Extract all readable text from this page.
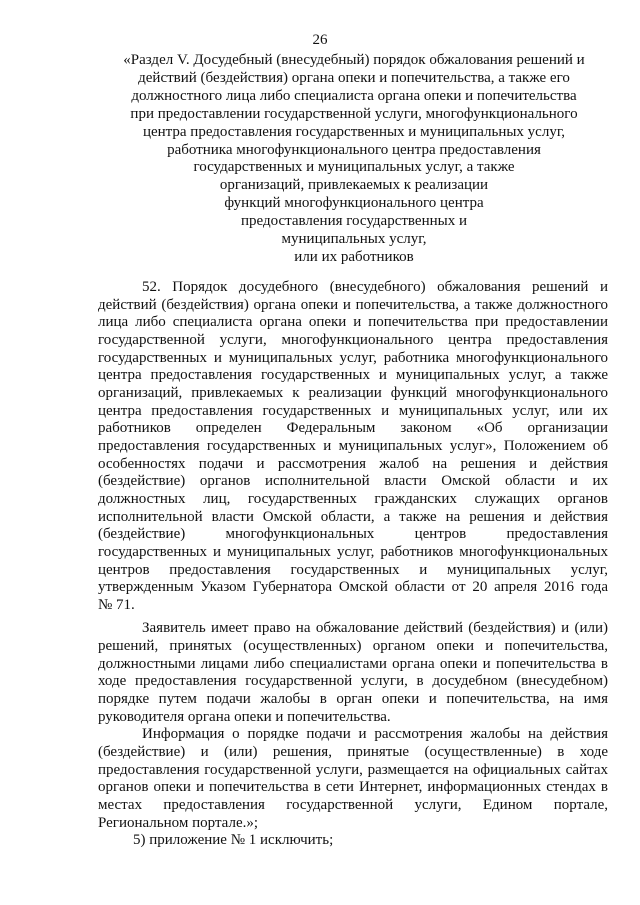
26
«Раздел V. Досудебный (внесудебный) порядок обжалования решений и
действий (бездействия) органа опеки и попечительства, а также его
должностного лица либо специалиста органа опеки и попечительства
при предоставлении государственной услуги, многофункционального
центра предоставления государственных и муниципальных услуг,
работника многофункционального центра предоставления
государственных и муниципальных услуг, а также
организаций, привлекаемых к реализации
функций многофункционального центра
предоставления государственных и
муниципальных услуг,
или их работников
52. Порядок досудебного (внесудебного) обжалования решений и
действий (бездействия) органа опеки и попечительства, а также должностного
лица либо специалиста органа опеки и попечительства при предоставлении
государственной услуги, многофункционального центра предоставления
государственных и муниципальных услуг, работника многофункционального
центра предоставления государственных и муниципальных услуг, а также
организаций, привлекаемых к реализации функций многофункционального
центра предоставления государственных и муниципальных услуг, или их
работников определен Федеральным законом «Об организации
предоставления государственных и муниципальных услуг», Положением об
особенностях подачи и рассмотрения жалоб на решения и действия
(бездействие) органов исполнительной власти Омской области и их
должностных лиц, государственных гражданских служащих органов
исполнительной власти Омской области, а также на решения и действия
(бездействие) многофункциональных центров предоставления
государственных и муниципальных услуг, работников многофункциональных
центров предоставления государственных и муниципальных услуг,
утвержденным Указом Губернатора Омской области от 20 апреля 2016 года
№ 71.
Заявитель имеет право на обжалование действий (бездействия) и (или)
решений, принятых (осуществленных) органом опеки и попечительства,
должностными лицами либо специалистами органа опеки и попечительства в
ходе предоставления государственной услуги, в досудебном (внесудебном)
порядке путем подачи жалобы в орган опеки и попечительства, на имя
руководителя органа опеки и попечительства.
Информация о порядке подачи и рассмотрения жалобы на действия
(бездействие) и (или) решения, принятые (осуществленные) в ходе
предоставления государственной услуги, размещается на официальных сайтах
органов опеки и попечительства в сети Интернет, информационных стендах в
местах предоставления государственной услуги, Едином портале,
Региональном портале.»;
5) приложение № 1 исключить;
